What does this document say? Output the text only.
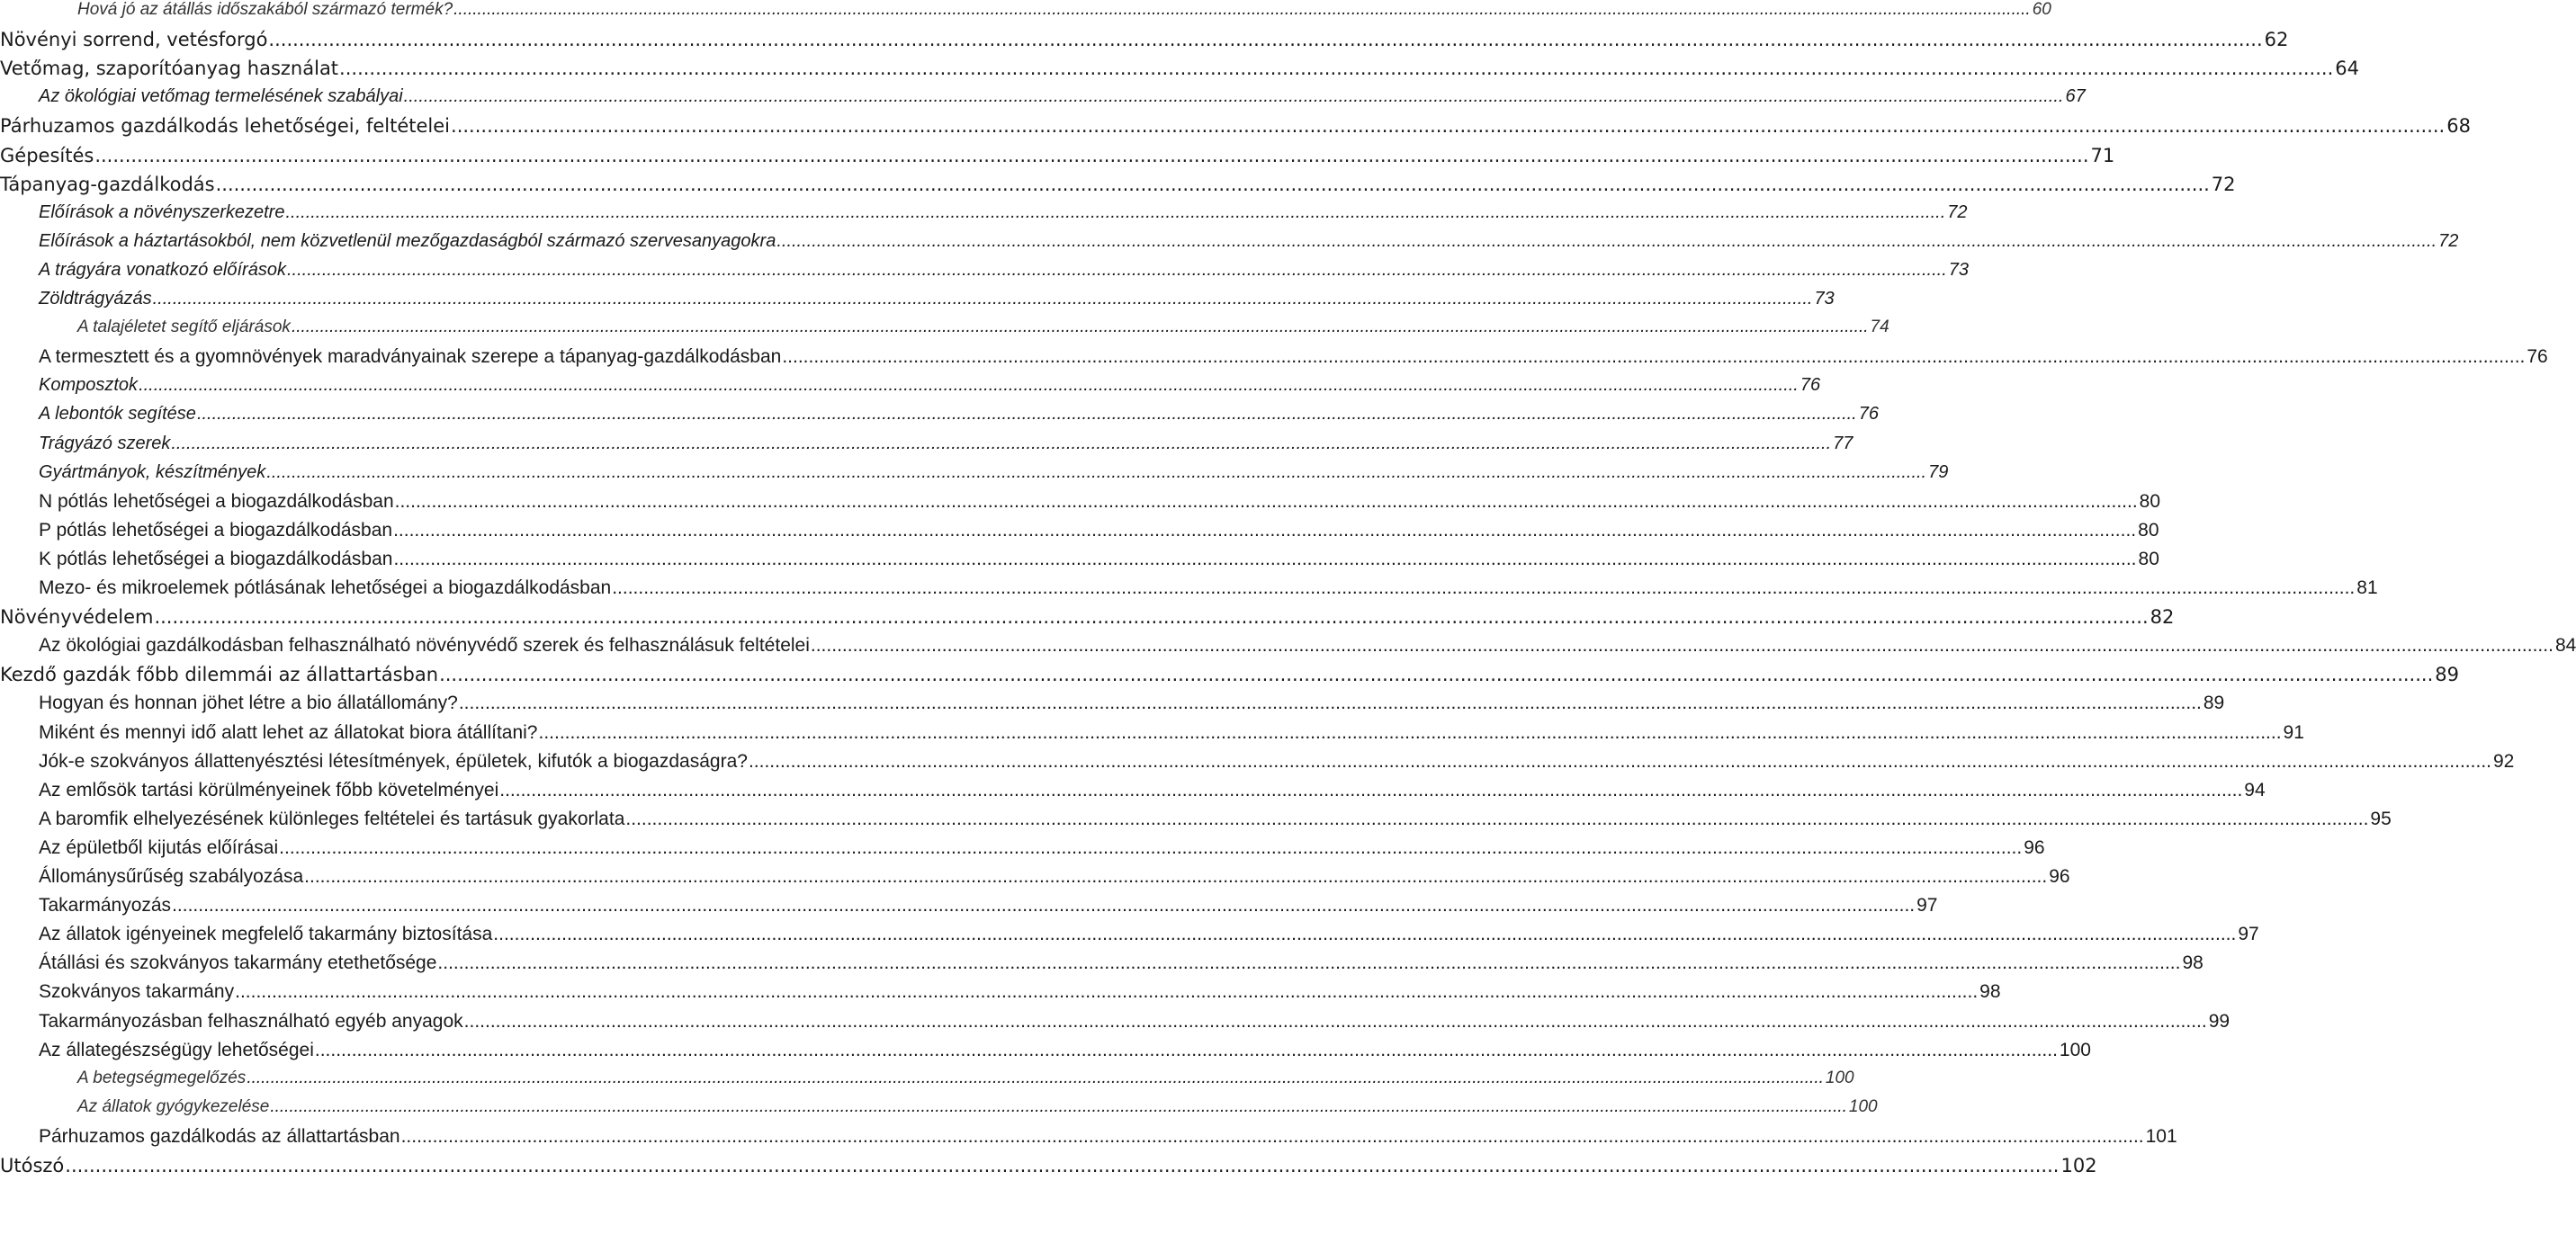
Hová jó az átállás időszakából származó termék? .....	60
Növényi sorrend, vetésforgó .....	62
Vetőmag, szaporítóanyag használat .....	64
Az ökológiai vetőmag termelésének szabályai .....	67
Párhuzamos gazdálkodás lehetőségei, feltételei .....	68
Gépesítés .....	71
Tápanyag-gazdálkodás .....	72
Előírások a növényszerkezetre .....	72
Előírások a háztartásokból, nem közvetlenül mezőgazdaságból származó szervesanyagokra .....	72
A trágyára vonatkozó előírások .....	73
Zöldtrágyázás .....	73
A talajéletet segítő eljárások .....	74
A termesztett és a gyomnövények maradványainak szerepe a tápanyag-gazdálkodásban .....	76
Komposztok .....	76
A lebontók segítése .....	76
Trágyázó szerek .....	77
Gyártmányok, készítmények .....	79
N pótlás lehetőségei a biogazdálkodásban .....	80
P pótlás lehetőségei a biogazdálkodásban .....	80
K pótlás lehetőségei a biogazdálkodásban .....	80
Mezo- és mikroelemek pótlásának lehetőségei a biogazdálkodásban .....	81
Növényvédelem .....	82
Az ökológiai gazdálkodásban felhasználható növényvédő szerek és felhasználásuk feltételei .....	84
Kezdő gazdák főbb dilemmái az állattartásban .....	89
Hogyan és honnan jöhet létre a bio állatállomány? .....	89
Miként és mennyi idő alatt lehet az állatokat biora átállítani? .....	91
Jók-e szokványos állattenyésztési létesítmények, épületek, kifutók a biogazdaságra? .....	92
Az emlősök tartási körülményeinek főbb követelményei .....	94
A baromfik elhelyezésének különleges feltételei és tartásuk gyakorlata .....	95
Az épületből kijutás előírásai .....	96
Állománysűrűség szabályozása .....	96
Takarmányozás .....	97
Az állatok igényeinek megfelelő takarmány biztosítása .....	97
Átállási és szokványos takarmány etethetősége .....	98
Szokványos takarmány .....	98
Takarmányozásban felhasználható egyéb anyagok .....	99
Az állategészségügy lehetőségei .....	100
A betegségmegelőzés .....	100
Az állatok gyógykezelése .....	100
Párhuzamos gazdálkodás az állattartásban .....	101
Utószó .....	102
